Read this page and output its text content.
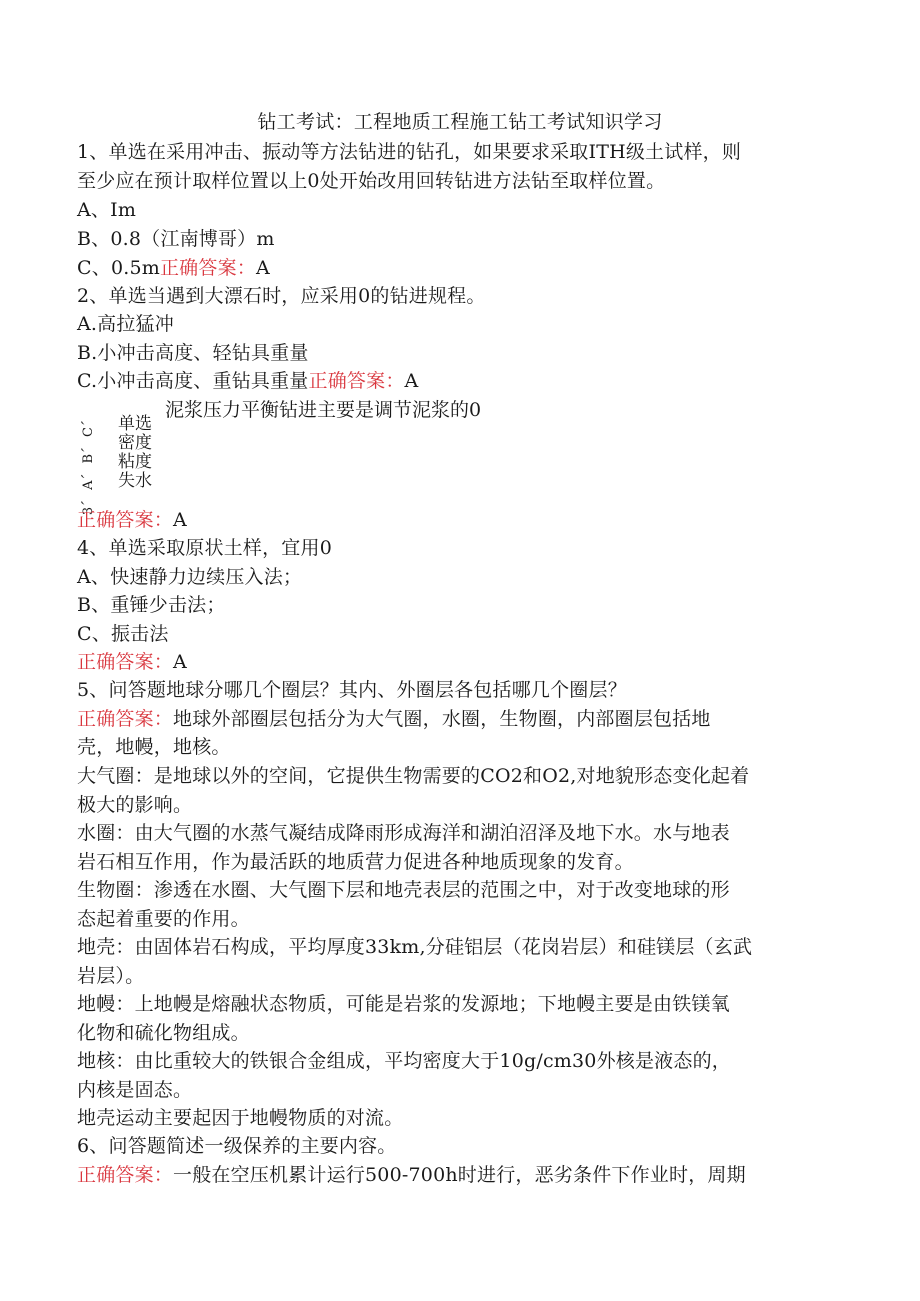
钻工考试：工程地质工程施工钻工考试知识学习
1、单选在采用冲击、振动等方法钻进的钻孔，如果要求采取ITH级土试样，则
至少应在预计取样位置以上0处开始改用回转钻进方法钻至取样位置。
A、Im
B、0.8（江南博哥）m
C、0.5m正确答案：A
2、单选当遇到大漂石时，应采用0的钻进规程。
A.高拉猛冲
B.小冲击高度、轻钻具重量
C.小冲击高度、重钻具重量正确答案：A
泥浆压力平衡钻进主要是调节泥浆的0
3、A、B、C、	单选
密度
粘度
失水
正确答案：A
4、单选采取原状土样，宜用0
A、快速静力边续压入法；
B、重锤少击法；
C、振击法
正确答案：A
5、问答题地球分哪几个圈层？其内、外圈层各包括哪几个圈层？
正确答案：地球外部圈层包括分为大气圈，水圈，生物圈，内部圈层包括地
壳，地幔，地核。
大气圈：是地球以外的空间，它提供生物需要的CO2和O2,对地貌形态变化起着
极大的影响。
水圈：由大气圈的水蒸气凝结成降雨形成海洋和湖泊沼泽及地下水。水与地表
岩石相互作用，作为最活跃的地质营力促进各种地质现象的发育。
生物圈：渗透在水圈、大气圈下层和地壳表层的范围之中，对于改变地球的形
态起着重要的作用。
地壳：由固体岩石构成，平均厚度33km,分硅铝层（花岗岩层）和硅镁层（玄武
岩层）。
地幔：上地幔是熔融状态物质，可能是岩浆的发源地；下地幔主要是由铁镁氧
化物和硫化物组成。
地核：由比重较大的铁银合金组成，平均密度大于10g/cm30外核是液态的，
内核是固态。
地壳运动主要起因于地幔物质的对流。
6、问答题简述一级保养的主要内容。
正确答案：一般在空压机累计运行500-700h时进行，恶劣条件下作业时，周期
